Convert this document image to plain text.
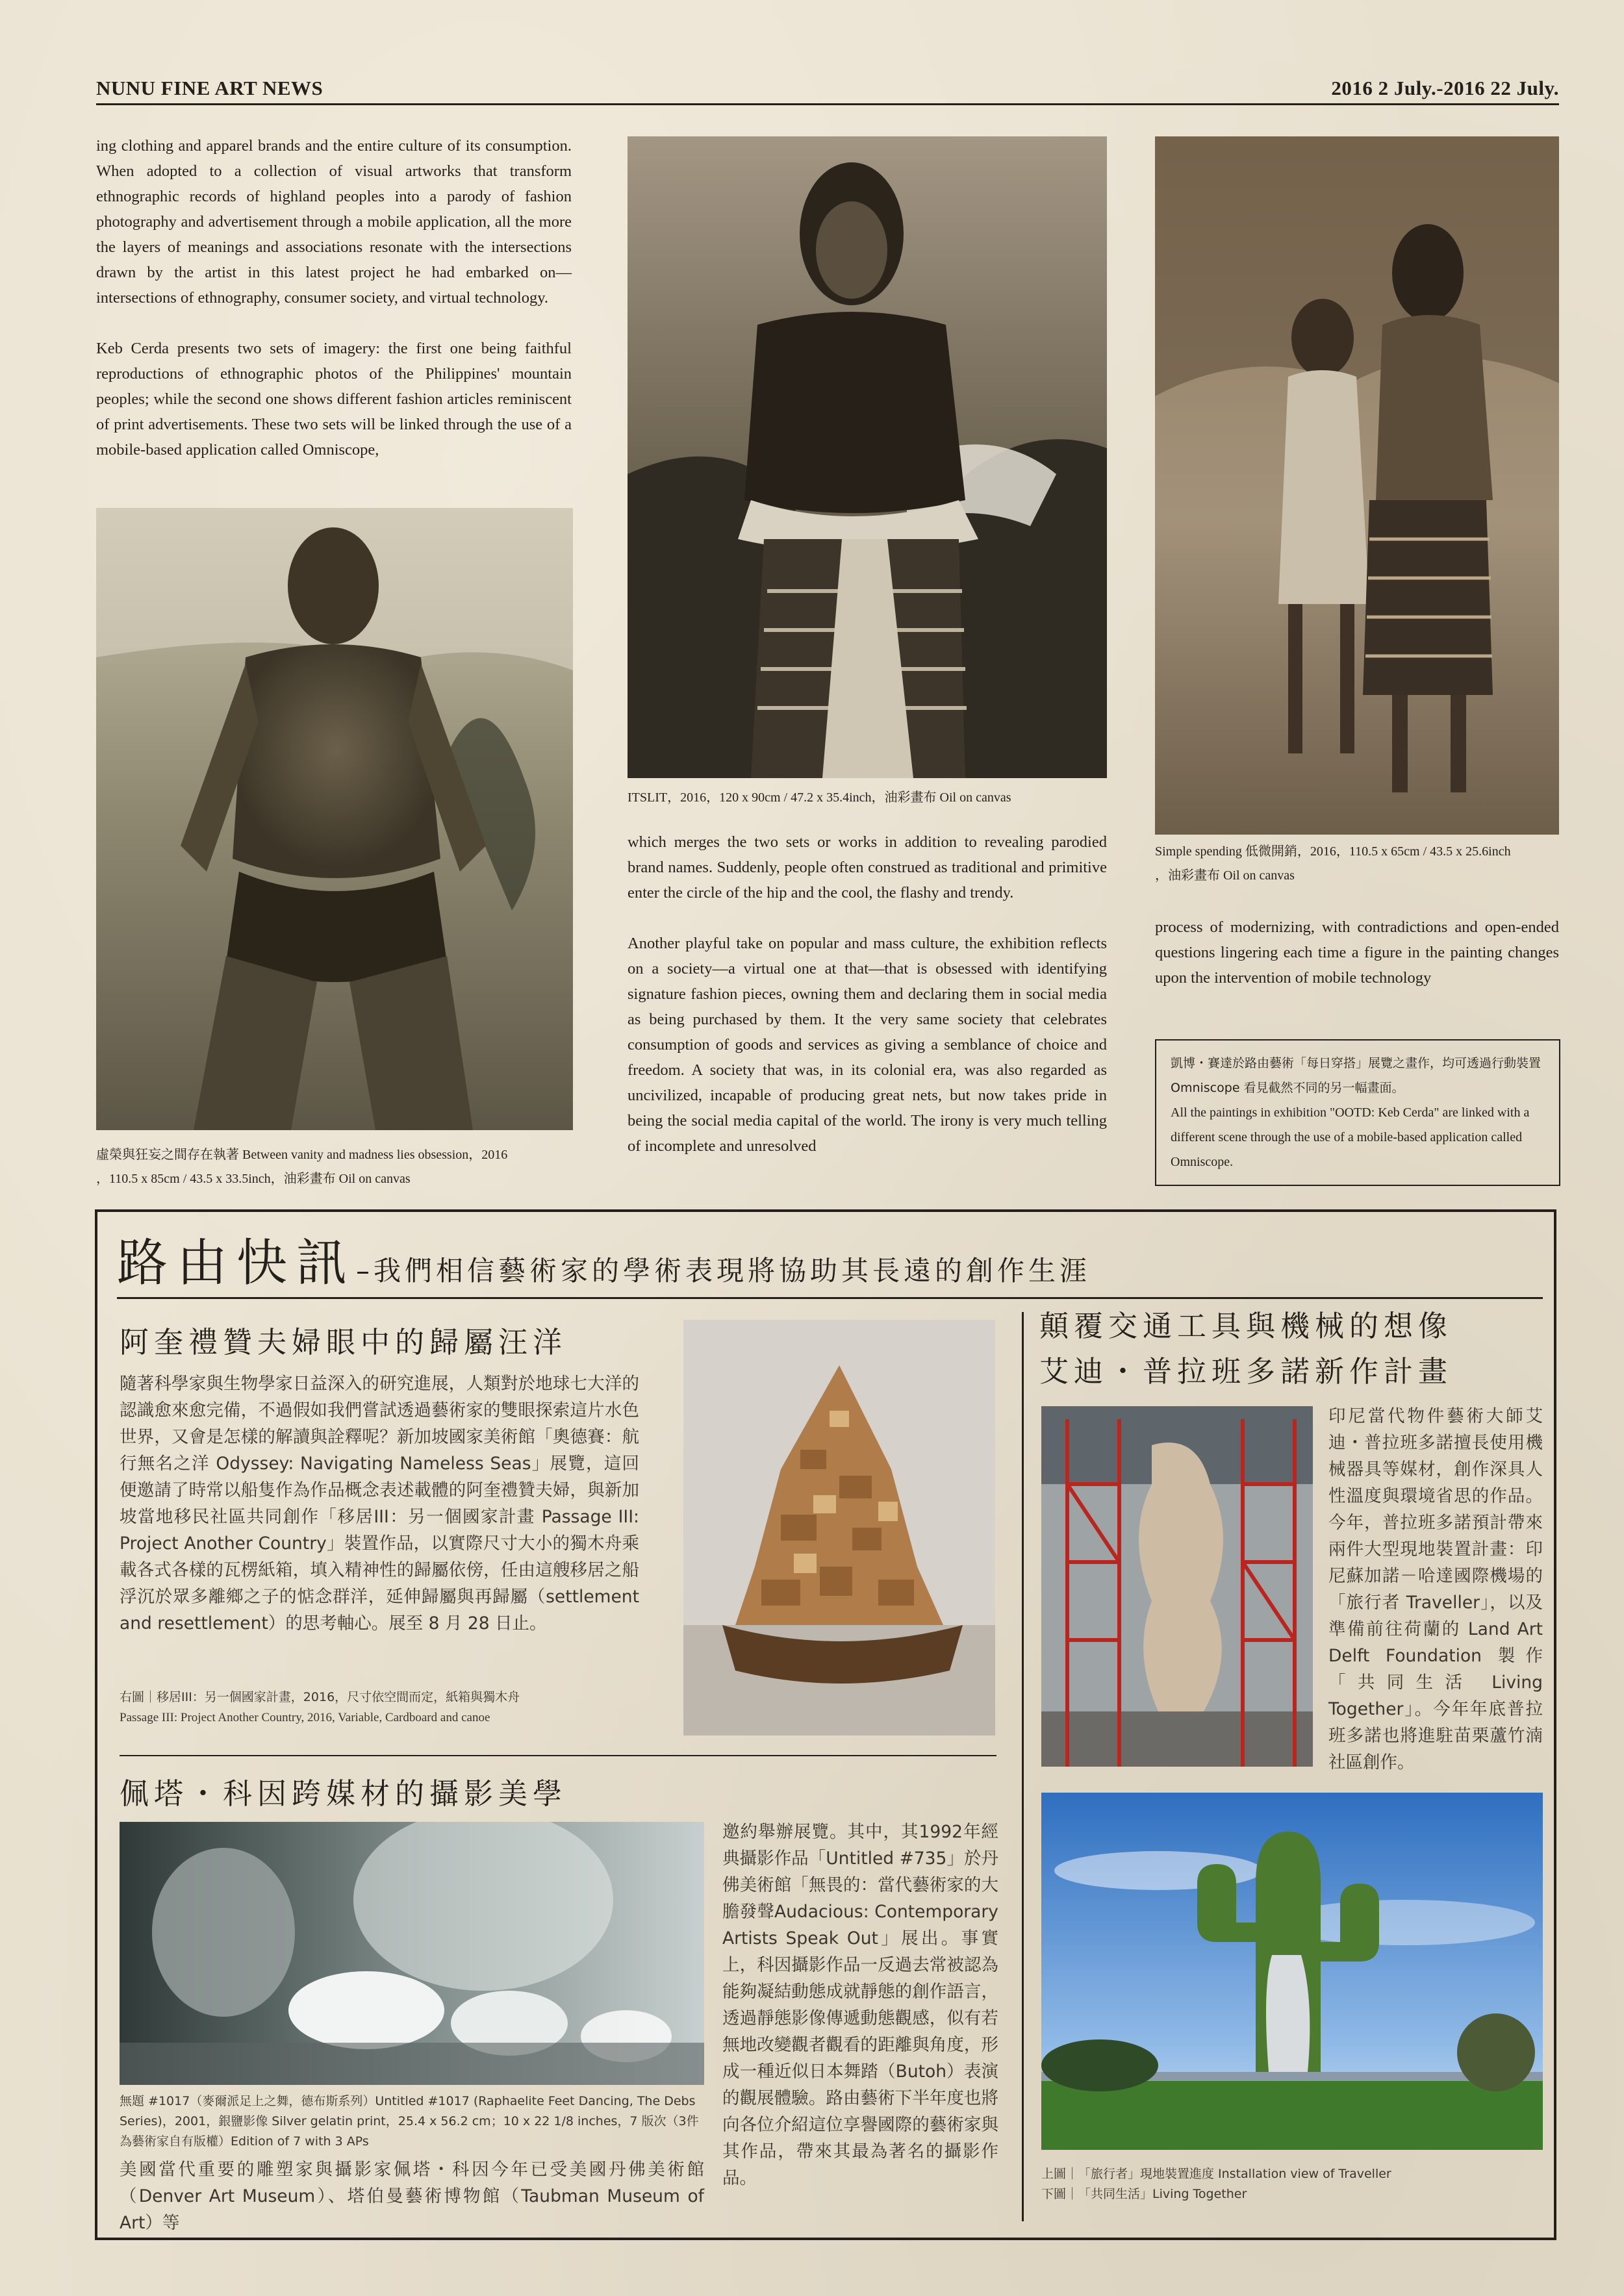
NUNU FINE ART NEWS	2016 2 July.-2016 22 July.

ing clothing and apparel brands and the entire culture of its consumption. When adopted to a collection of visual artworks that transform ethnographic records of highland peoples into a parody of fashion photography and advertisement through a mobile application, all the more the layers of meanings and associations resonate with the intersections drawn by the artist in this latest project he had embarked on—intersections of ethnography, consumer society, and virtual technology.

Keb Cerda presents two sets of imagery: the first one being faithful reproductions of ethnographic photos of the Philippines' mountain peoples; while the second one shows different fashion articles reminiscent of print advertisements. These two sets will be linked through the use of a mobile-based application called Omniscope,

虛榮與狂妄之間存在執著 Between vanity and madness lies obsession，2016
，110.5 x 85cm / 43.5 x 33.5inch，油彩畫布 Oil on canvas
ITSLIT，2016，120 x 90cm / 47.2 x 35.4inch，油彩畫布 Oil on canvas

which merges the two sets or works in addition to revealing parodied brand names. Suddenly, people often construed as traditional and primitive enter the circle of the hip and the cool, the flashy and trendy.

Another playful take on popular and mass culture, the exhibition reflects on a society—a virtual one at that—that is obsessed with identifying signature fashion pieces, owning them and declaring them in social media as being purchased by them. It the very same society that celebrates consumption of goods and services as giving a semblance of choice and freedom. A society that was, in its colonial era, was also regarded as uncivilized, incapable of producing great nets, but now takes pride in being the social media capital of the world. The irony is very much telling of incomplete and unresolved

Simple spending 低微開銷，2016，110.5 x 65cm / 43.5 x 25.6inch
，油彩畫布 Oil on canvas
process of modernizing, with contradictions and open-ended questions lingering each time a figure in the painting changes upon the intervention of mobile technology
凱博・賽達於路由藝術「每日穿搭」展覽之畫作，均可透過行動裝置 Omniscope 看見截然不同的另一幅畫面。
All the paintings in exhibition "OOTD: Keb Cerda" are linked with a different scene through the use of a mobile-based application called Omniscope.
路由快訊–我們相信藝術家的學術表現將協助其長遠的創作生涯
阿奎禮贊夫婦眼中的歸屬汪洋
隨著科學家與生物學家日益深入的研究進展，人類對於地球七大洋的認識愈來愈完備，不過假如我們嘗試透過藝術家的雙眼探索這片水色世界，又會是怎樣的解讀與詮釋呢？新加坡國家美術館「奧德賽：航行無名之洋 Odyssey: Navigating Nameless Seas」展覽，這回便邀請了時常以船隻作為作品概念表述載體的阿奎禮贊夫婦，與新加坡當地移民社區共同創作「移居III：另一個國家計畫 Passage III: Project Another Country」裝置作品，以實際尺寸大小的獨木舟乘載各式各樣的瓦楞紙箱，填入精神性的歸屬依傍，任由這艘移居之船浮沉於眾多離鄉之子的惦念群洋，延伸歸屬與再歸屬（settlement and resettlement）的思考軸心。展至 8 月 28 日止。
右圖｜移居III：另一個國家計畫，2016，尺寸依空間而定，紙箱與獨木舟
Passage III: Project Another Country, 2016, Variable, Cardboard and canoe
佩塔・科因跨媒材的攝影美學
無題 #1017（麥爾派足上之舞，德布斯系列）Untitled #1017 (Raphaelite Feet Dancing, The Debs Series)，2001，銀鹽影像 Silver gelatin print，25.4 x 56.2 cm；10 x 22 1/8 inches，7 版次（3件為藝術家自有版權）Edition of 7 with 3 APs
美國當代重要的雕塑家與攝影家佩塔・科因今年已受美國丹佛美術館（Denver Art Museum）、塔伯曼藝術博物館（Taubman Museum of Art）等
邀約舉辦展覽。其中，其1992年經典攝影作品「Untitled #735」於丹佛美術館「無畏的：當代藝術家的大膽發聲Audacious: Contemporary Artists Speak Out」展出。事實上，科因攝影作品一反過去常被認為能夠凝結動態成就靜態的創作語言，透過靜態影像傳遞動態觀感，似有若無地改變觀者觀看的距離與角度，形成一種近似日本舞踏（Butoh）表演的觀展體驗。路由藝術下半年度也將向各位介紹這位享譽國際的藝術家與其作品，帶來其最為著名的攝影作品。
顛覆交通工具與機械的想像
艾迪・普拉班多諾新作計畫
印尼當代物件藝術大師艾迪・普拉班多諾擅長使用機械器具等媒材，創作深具人性溫度與環境省思的作品。今年，普拉班多諾預計帶來兩件大型現地裝置計畫：印尼蘇加諾－哈達國際機場的「旅行者 Traveller」，以及準備前往荷蘭的 Land Art Delft Foundation 製作「共同生活 Living Together」。今年年底普拉班多諾也將進駐苗栗蘆竹湳社區創作。
上圖｜「旅行者」現地裝置進度 Installation view of Traveller
下圖｜「共同生活」Living Together
